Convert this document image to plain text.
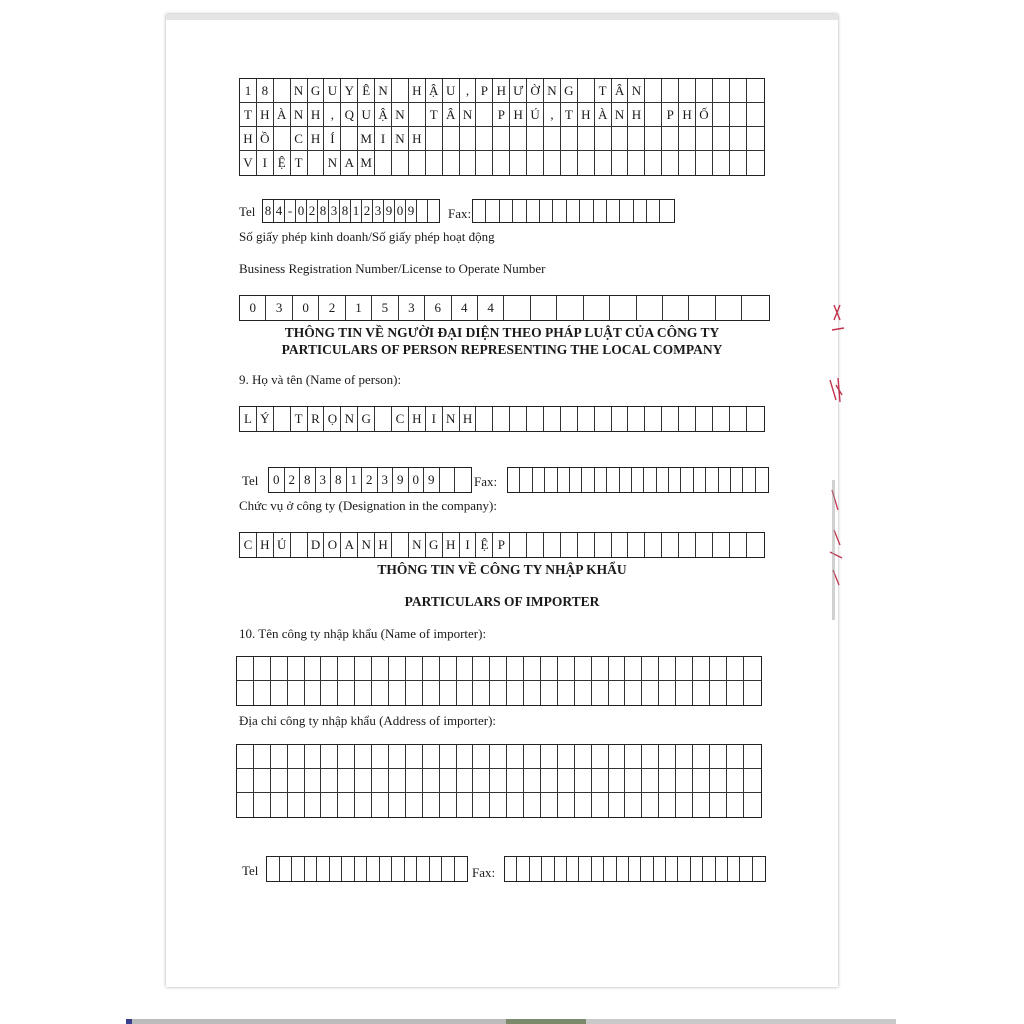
1 8	N G U Y Ê N	H Ậ U , P H Ư Ờ N G	T Â N
T H À N H , Q U Ậ N	T Â N	P H Ú , T H À N H	P H Ố
H Ồ	C H Í	M I N H
V I Ệ T	N A M
Tel 8 4 - 0 2 8 3 8 1 2 3 9 0 9	Fax:
Số giấy phép kinh doanh/Số giấy phép hoạt động
Business Registration Number/License to Operate Number
0	3	0	2	1	5	3	6	4	4
THÔNG TIN VỀ NGƯỜI ĐẠI DIỆN THEO PHÁP LUẬT CỦA CÔNG TY
PARTICULARS OF PERSON REPRESENTING THE LOCAL COMPANY
9. Họ và tên (Name of person):
L Ý	T R Ọ N G	C H I N H
Tel	0 2 8 3 8 1 2 3 9 0 9	Fax:
Chức vụ ở công ty (Designation in the company):
C H Ủ	D O A N H	N G H I Ệ P
THÔNG TIN VỀ CÔNG TY NHẬP KHẨU
PARTICULARS OF IMPORTER
10. Tên công ty nhập khẩu (Name of importer):
Địa chỉ công ty nhập khẩu (Address of importer):
Tel	Fax:
